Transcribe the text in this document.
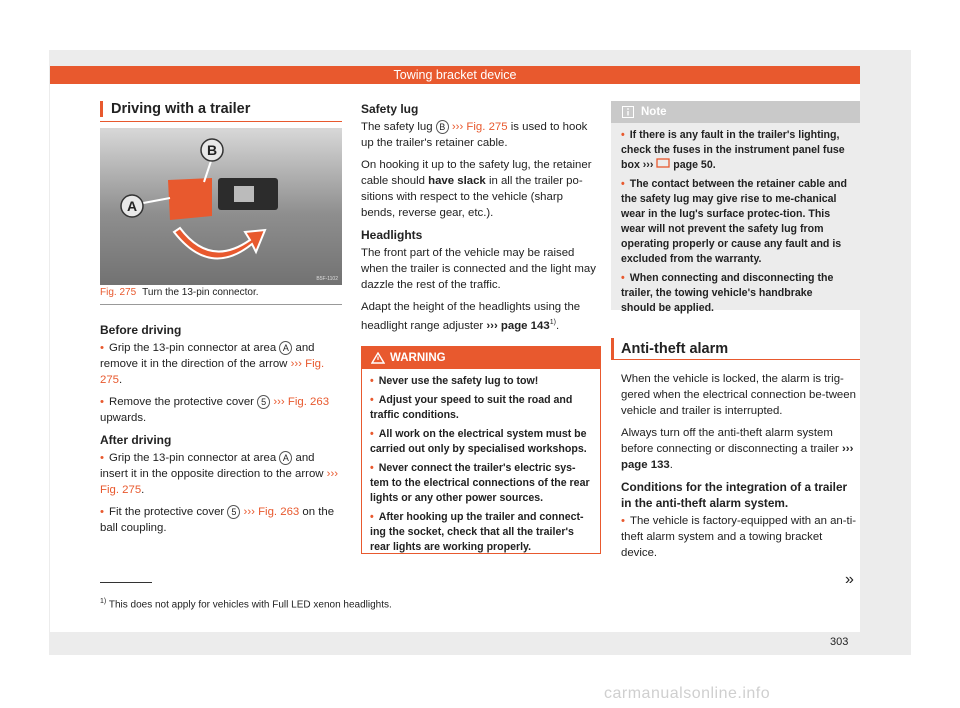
Towing bracket device
Driving with a trailer
A
B
B5F-1102
Fig. 275 Turn the 13-pin connector.
Before driving

• Grip the 13-pin connector at area A and remove it in the direction of the arrow ››› Fig. 275.

• Remove the protective cover 5 ››› Fig. 263 upwards.

After driving

• Grip the 13-pin connector at area A and insert it in the opposite direction to the arrow ››› Fig. 275.

• Fit the protective cover 5 ››› Fig. 263 on the ball coupling.

Safety lug

The safety lug B ››› Fig. 275 is used to hook up the trailer's retainer cable.

On hooking it up to the safety lug, the retainer cable should have slack in all the trailer po-sitions with respect to the vehicle (sharp bends, reverse gear, etc.).

Headlights

The front part of the vehicle may be raised when the trailer is connected and the light may dazzle the rest of the traffic.

Adapt the height of the headlights using the headlight range adjuster ››› page 143$^{1)}$.

WARNING
• Never use the safety lug to tow!
• Adjust your speed to suit the road and traffic conditions.
• All work on the electrical system must be carried out only by specialised workshops.
• Never connect the trailer's electric sys-tem to the electrical connections of the rear lights or any other power sources.
• After hooking up the trailer and connect-ing the socket, check that all the trailer's rear lights are working properly.
Note
• If there is any fault in the trailer's lighting, check the fuses in the instrument panel fuse box ›››  page 50.
• The contact between the retainer cable and the safety lug may give rise to me-chanical wear in the lug's surface protec-tion. This wear will not prevent the safety lug from operating properly or cause any fault and is excluded from the warranty.
• When connecting and disconnecting the trailer, the towing vehicle's handbrake should be applied.
Anti-theft alarm

When the vehicle is locked, the alarm is trig-gered when the electrical connection be-tween vehicle and trailer is interrupted.

Always turn off the anti-theft alarm system before connecting or disconnecting a trailer ››› page 133.

Conditions for the integration of a trailer in the anti-theft alarm system.

• The vehicle is factory-equipped with an an-ti-theft alarm system and a towing bracket device.

»
$^{1)}$ This does not apply for vehicles with Full LED xenon headlights.
303
carmanualsonline.info
